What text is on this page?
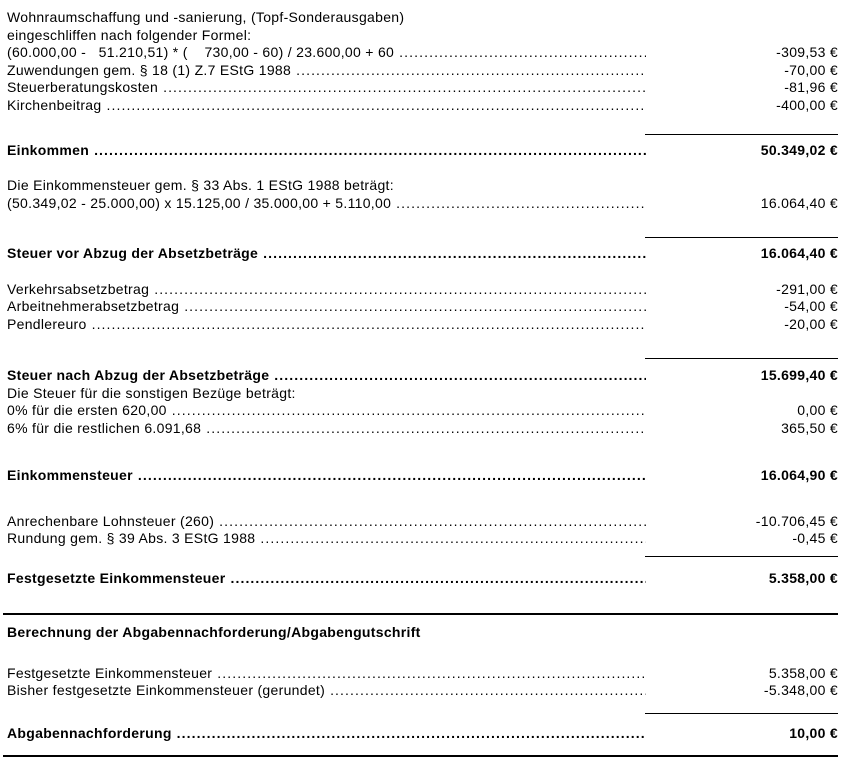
Wohnraumschaffung und -sanierung, (Topf-Sonderausgaben)
eingeschliffen nach folgender Formel:
(60.000,00 -   51.210,51) * (    730,00 - 60) / 23.600,00 + 60 .....	-309,53 €
Zuwendungen gem. § 18 (1) Z.7 EStG 1988 .....	-70,00 €
Steuerberatungskosten .....	-81,96 €
Kirchenbeitrag .....	-400,00 €
Einkommen .....	50.349,02 €
Die Einkommensteuer gem. § 33 Abs. 1 EStG 1988 beträgt:
(50.349,02 - 25.000,00) x 15.125,00 / 35.000,00 + 5.110,00 .....	16.064,40 €
Steuer vor Abzug der Absetzbeträge .....	16.064,40 €
Verkehrsabsetzbetrag .....	-291,00 €
Arbeitnehmerabsetzbetrag .....	-54,00 €
Pendlereuro .....	-20,00 €
Steuer nach Abzug der Absetzbeträge .....	15.699,40 €
Die Steuer für die sonstigen Bezüge beträgt:
0% für die ersten 620,00 .....	0,00 €
6% für die restlichen 6.091,68 .....	365,50 €
Einkommensteuer .....	16.064,90 €
Anrechenbare Lohnsteuer (260) .....	-10.706,45 €
Rundung gem. § 39 Abs. 3 EStG 1988 .....	-0,45 €
Festgesetzte Einkommensteuer .....	5.358,00 €
Berechnung der Abgabennachforderung/Abgabengutschrift
Festgesetzte Einkommensteuer .....	5.358,00 €
Bisher festgesetzte Einkommensteuer (gerundet) .....	-5.348,00 €
Abgabennachforderung .....	10,00 €
